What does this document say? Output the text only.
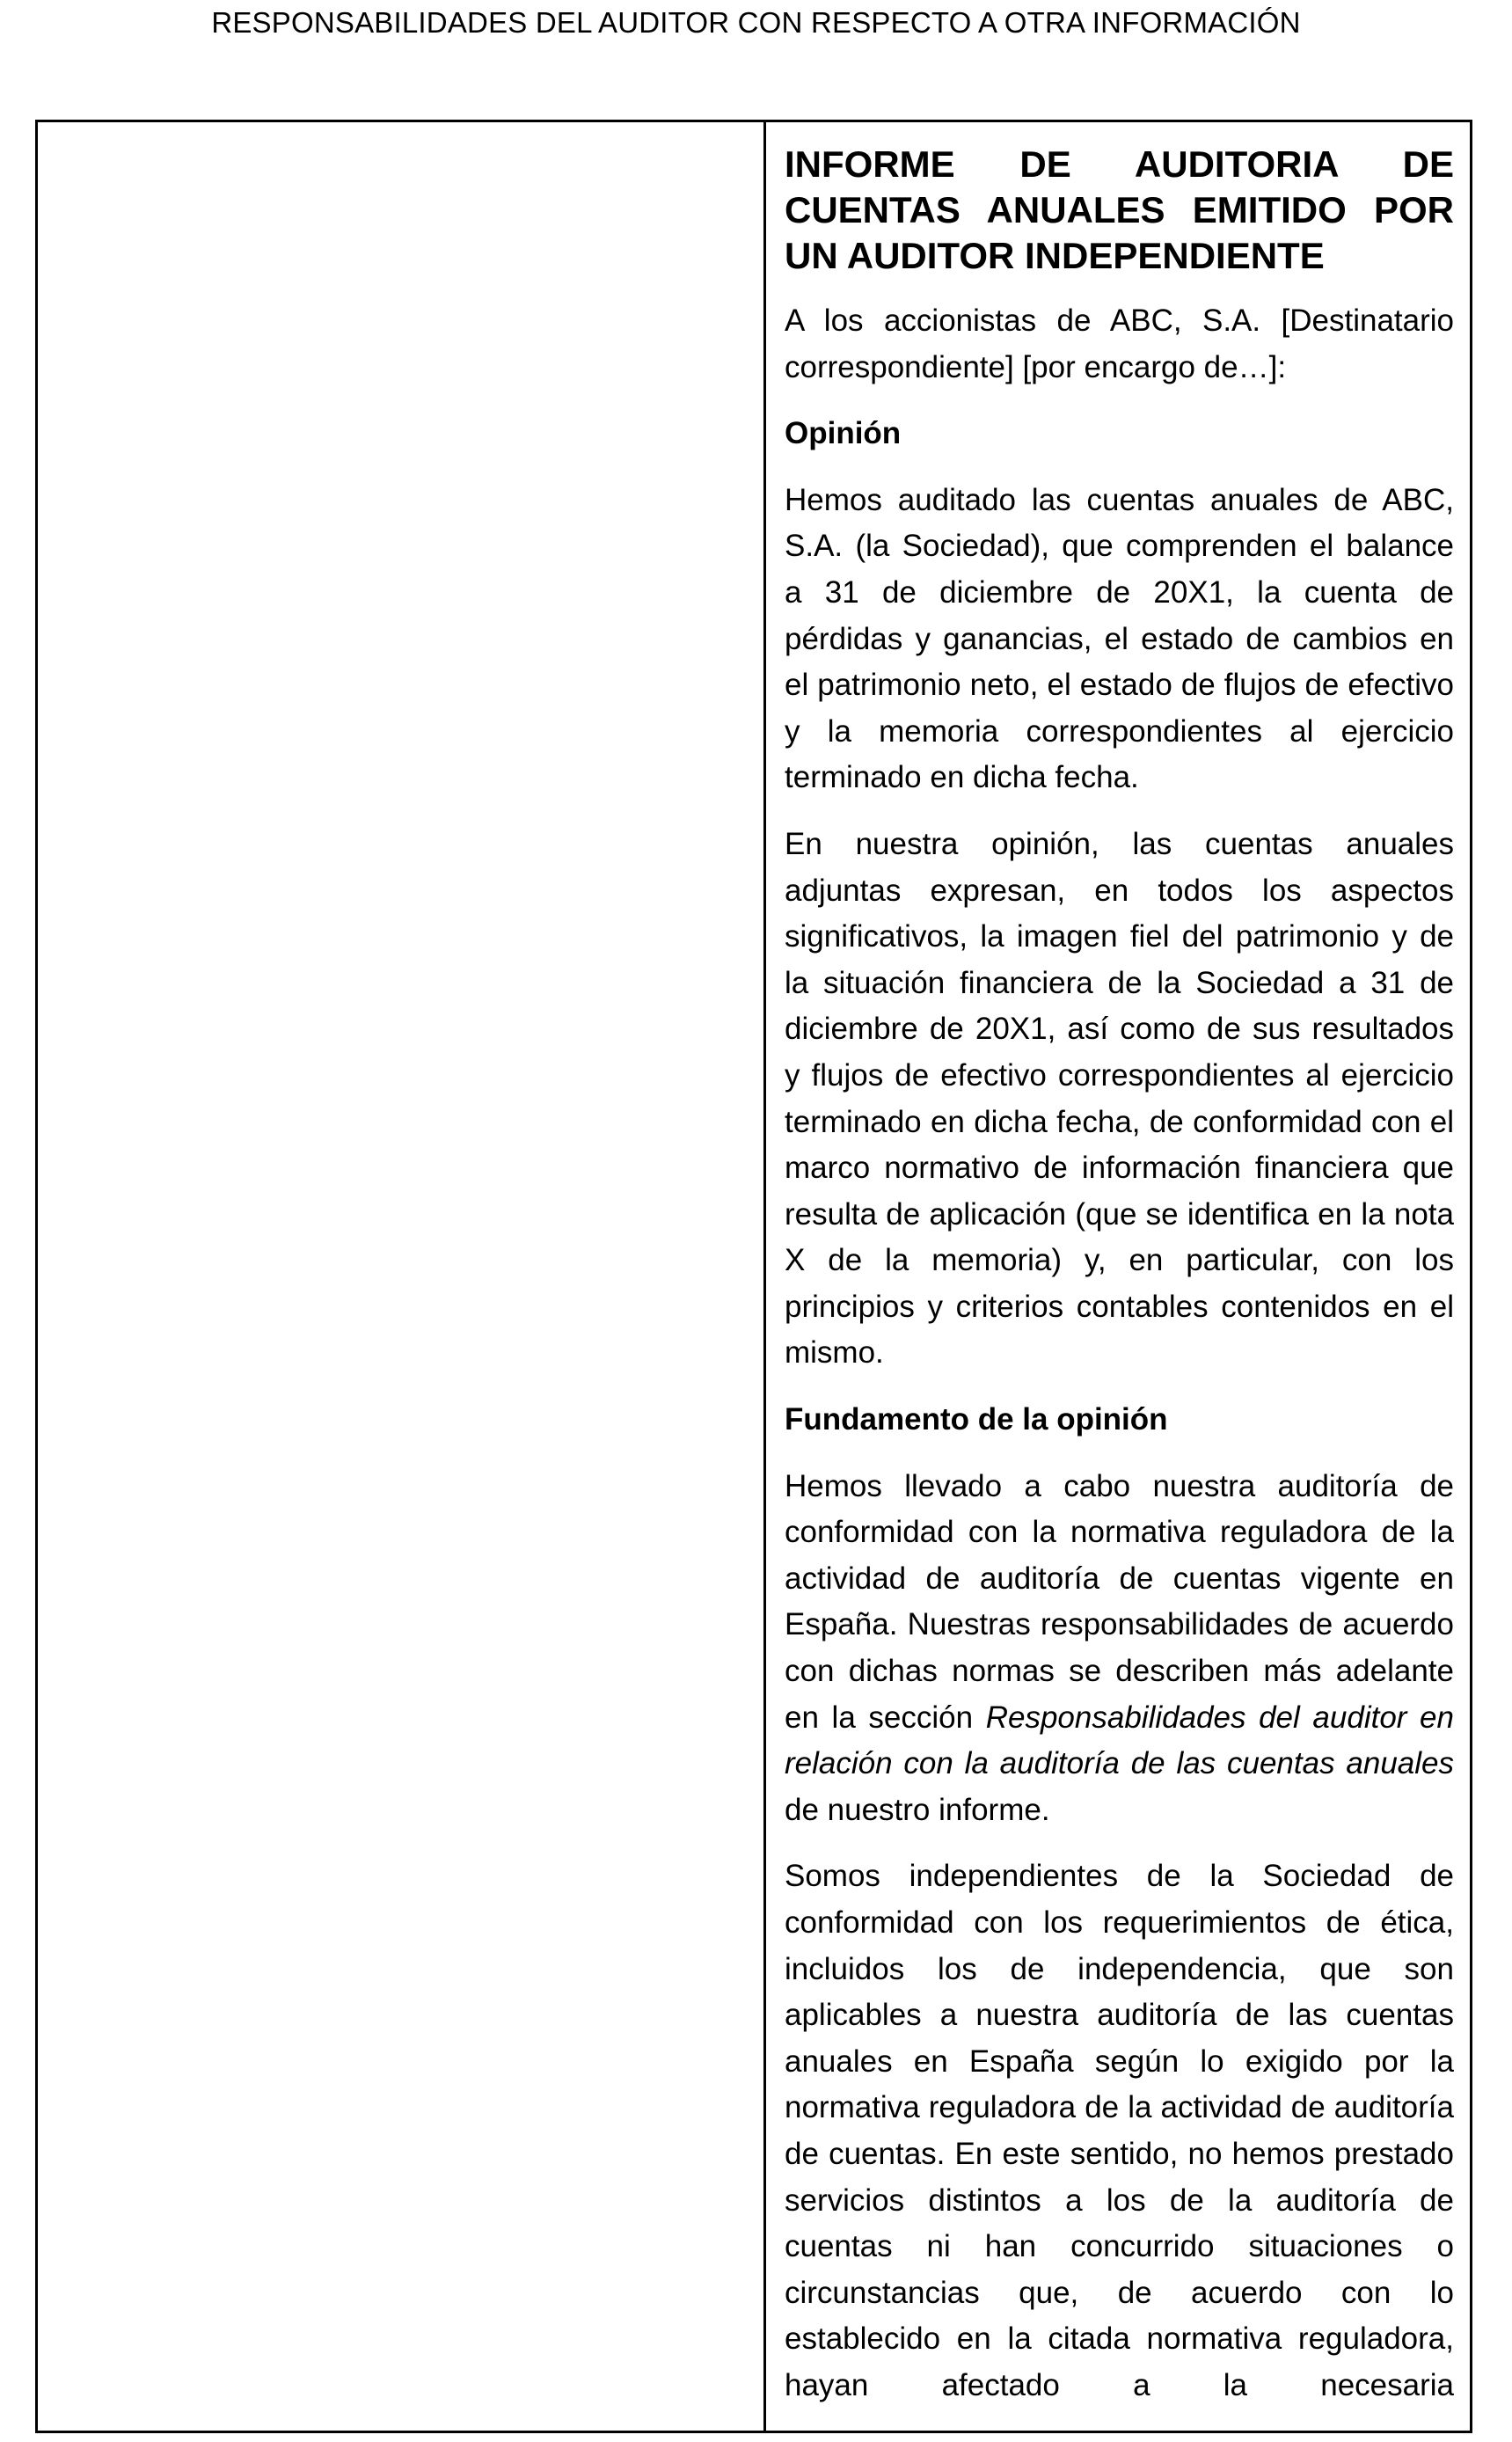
RESPONSABILIDADES DEL AUDITOR CON RESPECTO A OTRA INFORMACIÓN
INFORME DE AUDITORIA DE CUENTAS ANUALES EMITIDO POR UN AUDITOR INDEPENDIENTE

A los accionistas de ABC, S.A. [Destinatario correspondiente] [por encargo de…]:

Opinión

Hemos auditado las cuentas anuales de ABC, S.A. (la Sociedad), que comprenden el balance a 31 de diciembre de 20X1, la cuenta de pérdidas y ganancias, el estado de cambios en el patrimonio neto, el estado de flujos de efectivo y la memoria correspondientes al ejercicio terminado en dicha fecha.

En nuestra opinión, las cuentas anuales adjuntas expresan, en todos los aspectos significativos, la imagen fiel del patrimonio y de la situación financiera de la Sociedad a 31 de diciembre de 20X1, así como de sus resultados y flujos de efectivo correspondientes al ejercicio terminado en dicha fecha, de conformidad con el marco normativo de información financiera que resulta de aplicación (que se identifica en la nota X de la memoria) y, en particular, con los principios y criterios contables contenidos en el mismo.

Fundamento de la opinión

Hemos llevado a cabo nuestra auditoría de conformidad con la normativa reguladora de la actividad de auditoría de cuentas vigente en España. Nuestras responsabilidades de acuerdo con dichas normas se describen más adelante en la sección Responsabilidades del auditor en relación con la auditoría de las cuentas anuales de nuestro informe.

Somos independientes de la Sociedad de conformidad con los requerimientos de ética, incluidos los de independencia, que son aplicables a nuestra auditoría de las cuentas anuales en España según lo exigido por la normativa reguladora de la actividad de auditoría de cuentas. En este sentido, no hemos prestado servicios distintos a los de la auditoría de cuentas ni han concurrido situaciones o circunstancias que, de acuerdo con lo establecido en la citada normativa reguladora, hayan afectado a la necesaria
